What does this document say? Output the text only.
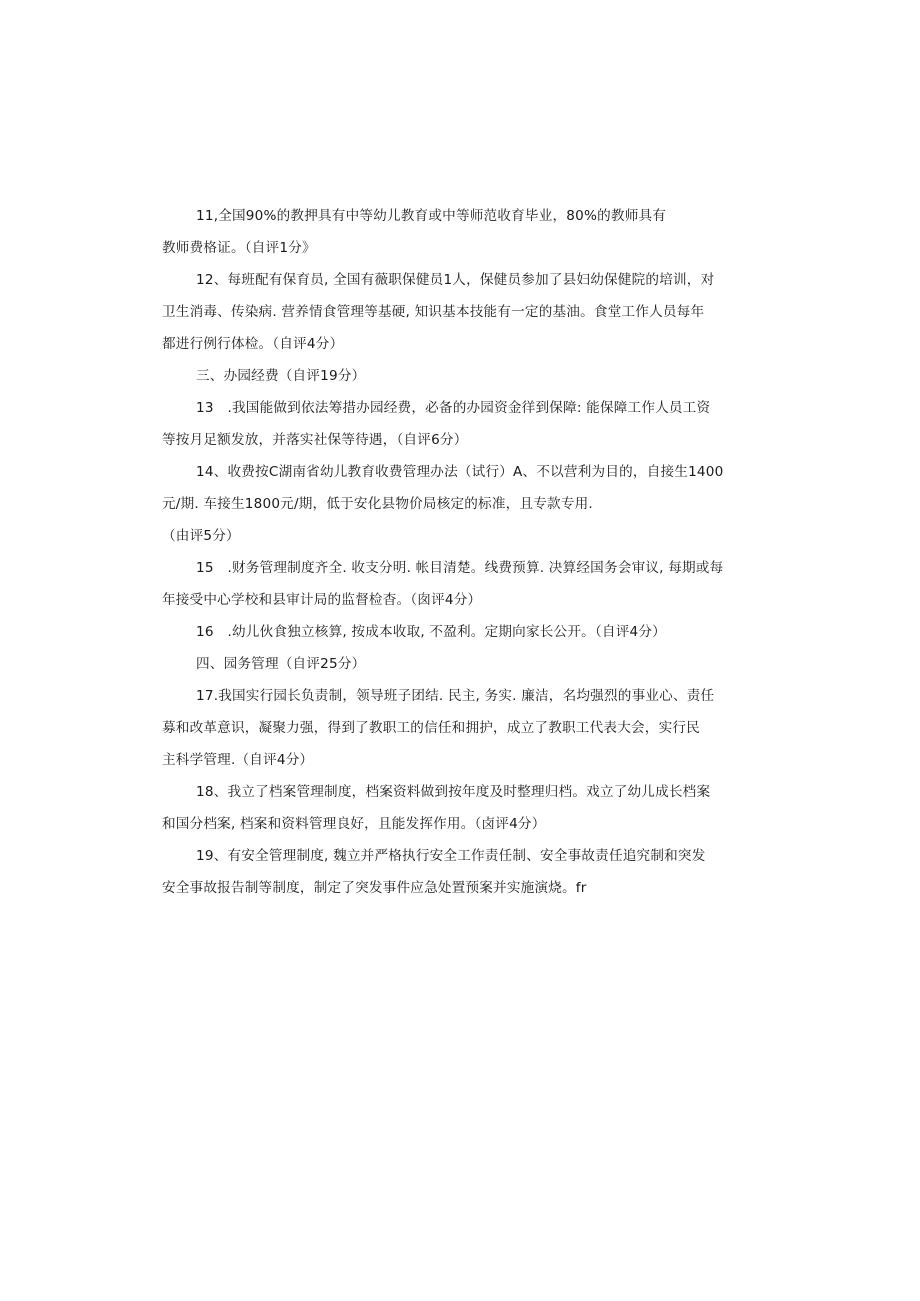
11,全国90%的教押具有中等幼儿教育或中等师范收育毕业，80%的教师具有
教师费格证。（自评1分》
12、每班配有保育员, 全国有薇职保健员1人，保健员参加了县妇幼保健院的培训，对
卫生消毒、传染病. 营养情食管理等基硬, 知识基本技能有一定的基油。食堂工作人员每年
都进行例行体检。（自评4分）
三、办园经费（自评19分）
13　.我国能做到依法筹措办园经费，必备的办园资金徉到保障: 能保障工作人员工资
等按月足额发放，并落实社保等待遇，（自评6分）
14、收费按C湖南省幼儿教育收费管理办法（试行）A、不以营利为目的，自接生1400
元/期. 车接生1800元/期，低于安化县物价局核定的标准，且专款专用.
（由评5分）
15　.财务管理制度齐全. 收支分明. 帐目清楚。线费预算. 决算经国务会审议, 每期或每
年接受中心学校和县审计局的监督检杳。（囱评4分）
16　.幼儿伙食独立核算, 按成本收取, 不盈利。定期向家长公开。（自评4分）
四、园务管理（自评25分）
17.我国实行园长负责制，领导班子团结. 民主, 务实. 廉洁，名均强烈的事业心、责任
募和改革意识，凝聚力强，得到了教职工的信任和拥护，成立了教职工代表大会，实行民
主科学管理.（自评4分）
18、我立了档案管理制度，档案资料做到按年度及时整理归档。戏立了幼儿成长档案
和国分档案, 档案和资料管理良好，且能发挥作用。（卤评4分）
19、有安全管理制度, 魏立并严格执行安全工作责任制、安全事故责任追究制和突发
安全事故报告制等制度，制定了突发事件应急处置预案并实施演烧。fr
